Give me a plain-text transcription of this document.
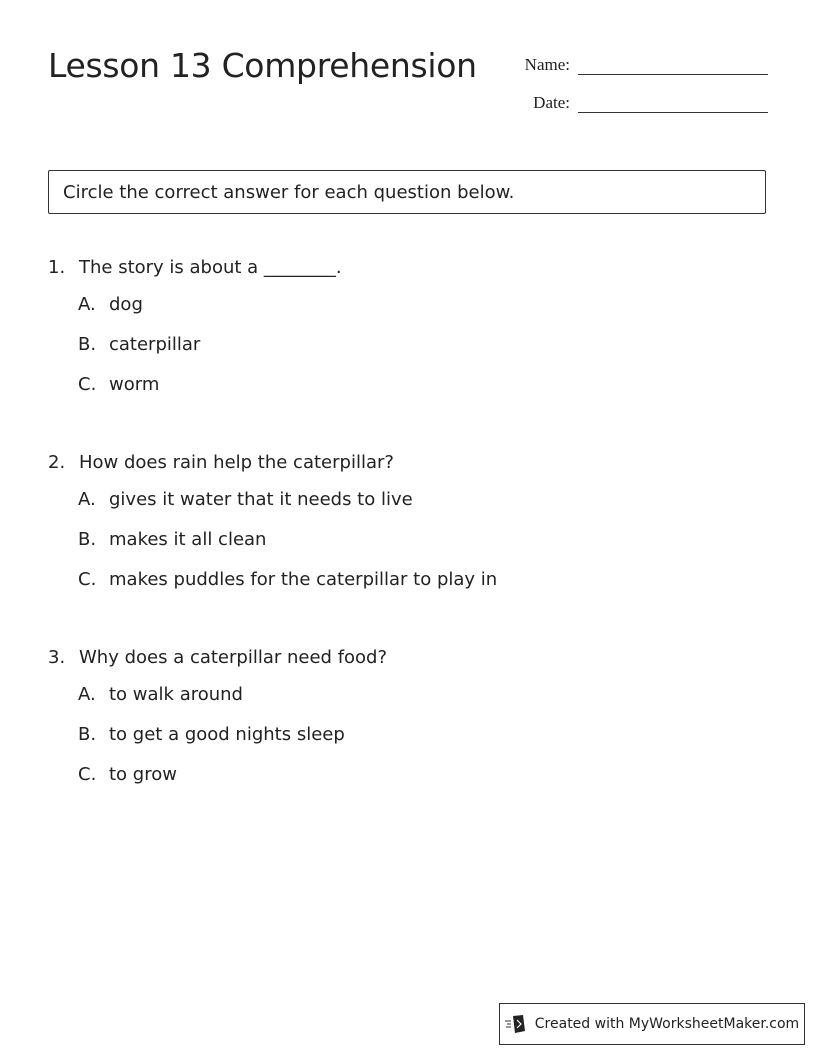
Lesson 13 Comprehension	Name:
Date:
Circle the correct answer for each question below.
1. The story is about a ________.
A. dog
B. caterpillar
C. worm
2. How does rain help the caterpillar?
A. gives it water that it needs to live
B. makes it all clean
C. makes puddles for the caterpillar to play in
3. Why does a caterpillar need food?
A. to walk around
B. to get a good nights sleep
C. to grow
Created with MyWorksheetMaker.com
